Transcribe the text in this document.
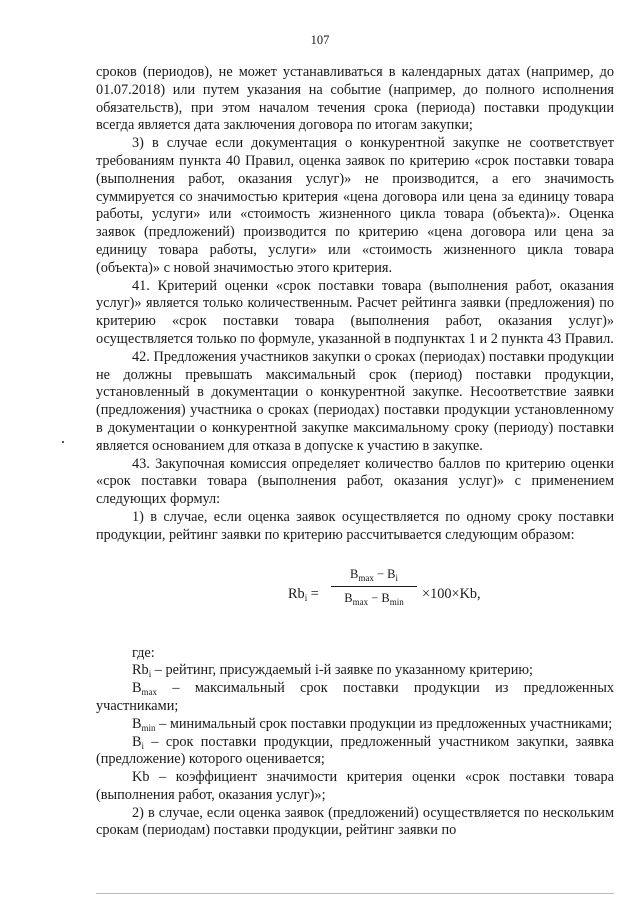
107

сроков (периодов), не может устанавливаться в календарных датах (например, до 01.07.2018) или путем указания на событие (например, до полного исполнения обязательств), при этом началом течения срока (периода) поставки продукции всегда является дата заключения договора по итогам закупки;

3) в случае если документация о конкурентной закупке не соответствует требованиям пункта 40 Правил, оценка заявок по критерию «срок поставки товара (выполнения работ, оказания услуг)» не производится, а его значимость суммируется со значимостью критерия «цена договора или цена за единицу товара работы, услуги» или «стоимость жизненного цикла товара (объекта)». Оценка заявок (предложений) производится по критерию «цена договора или цена за единицу товара работы, услуги» или «стоимость жизненного цикла товара (объекта)» с новой значимостью этого критерия.

41. Критерий оценки «срок поставки товара (выполнения работ, оказания услуг)» является только количественным. Расчет рейтинга заявки (предложения) по критерию «срок поставки товара (выполнения работ, оказания услуг)» осуществляется только по формуле, указанной в подпунктах 1 и 2 пункта 43 Правил.

42. Предложения участников закупки о сроках (периодах) поставки продукции не должны превышать максимальный срок (период) поставки продукции, установленный в документации о конкурентной закупке. Несоответствие заявки (предложения) участника о сроках (периодах) поставки продукции установленному в документации о конкурентной закупке максимальному сроку (периоду) поставки является основанием для отказа в допуске к участию в закупке.

43. Закупочная комиссия определяет количество баллов по критерию оценки «срок поставки товара (выполнения работ, оказания услуг)» с применением следующих формул:

1) в случае, если оценка заявок осуществляется по одному сроку поставки продукции, рейтинг заявки по критерию рассчитывается следующим образом:

$Rb_i$ =
$B_{max} - B_i$
$B_{max} - B_{min}$	×100×Kb,

где:

$Rb_i$ – рейтинг, присуждаемый i-й заявке по указанному критерию;

$B_{max}$ – максимальный срок поставки продукции из предложенных участниками;

$B_{min}$ – минимальный срок поставки продукции из предложенных участниками;

$B_i$ – срок поставки продукции, предложенный участником закупки, заявка (предложение) которого оценивается;

Kb – коэффициент значимости критерия оценки «срок поставки товара (выполнения работ, оказания услуг)»;

2) в случае, если оценка заявок (предложений) осуществляется по нескольким срокам (периодам) поставки продукции, рейтинг заявки по
